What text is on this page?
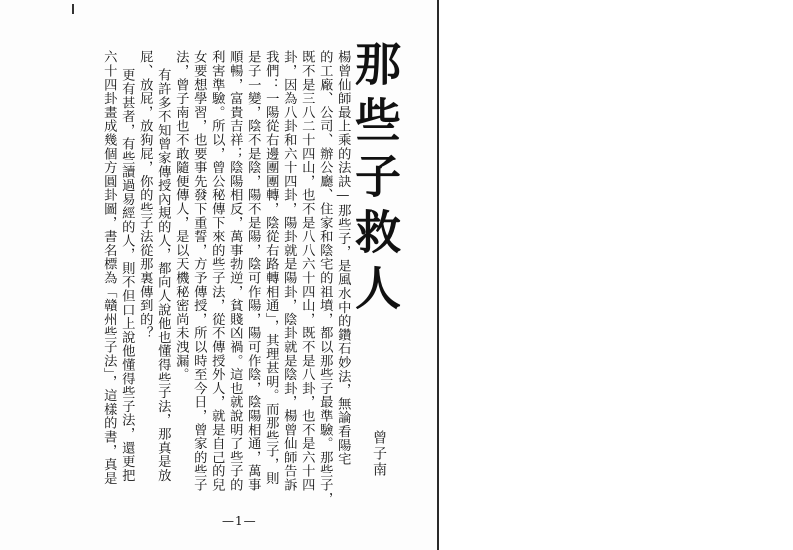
那些子救人
曾子南
楊曾仙師最上乘的法訣—那些子，是風水中的鑽石妙法，無論看陽宅
的工廠、公司、辦公廳、住家和陰宅的祖墳，都以那些子最準驗。那些子，
既不是三八二十四山，也不是八八六十四山，既不是八卦，也不是六十四
卦，因為八卦和六十四卦，陽卦就是陽卦，陰卦就是陰卦，楊曾仙師告訴
我們：一陽從右邊團團轉，陰從右路轉相通」，其理甚明。而那些子，則
是子一變，陰不是陰，陽不是陽，陰可作陽，陽可作陰，陰陽相通，萬事
順暢，富貴吉祥；陰陽相反，萬事勃逆，貧賤凶禍。這也就說明了些子的
利害準驗。所以，曾公秘傳下來的些子法，從不傳授外人，就是自己的兒
女要想學習，也要事先發下重誓，方予傳授，所以時至今日，曾家的些子
法，曾子南也不敢隨便傳人，是以天機秘密尚未洩漏。
有許多不知曾家傳授內規的人，都向人說他也懂得些子法，那真是放
屁、放屁，放狗屁，你的些子法從那裏傳到的？
更有甚者，有些讀過易經的人，則不但口上說他懂得些子法，還更把
六十四卦畫成幾個方圓卦圖，書名標為「贛州些子法」，這樣的書，真是
—1—
